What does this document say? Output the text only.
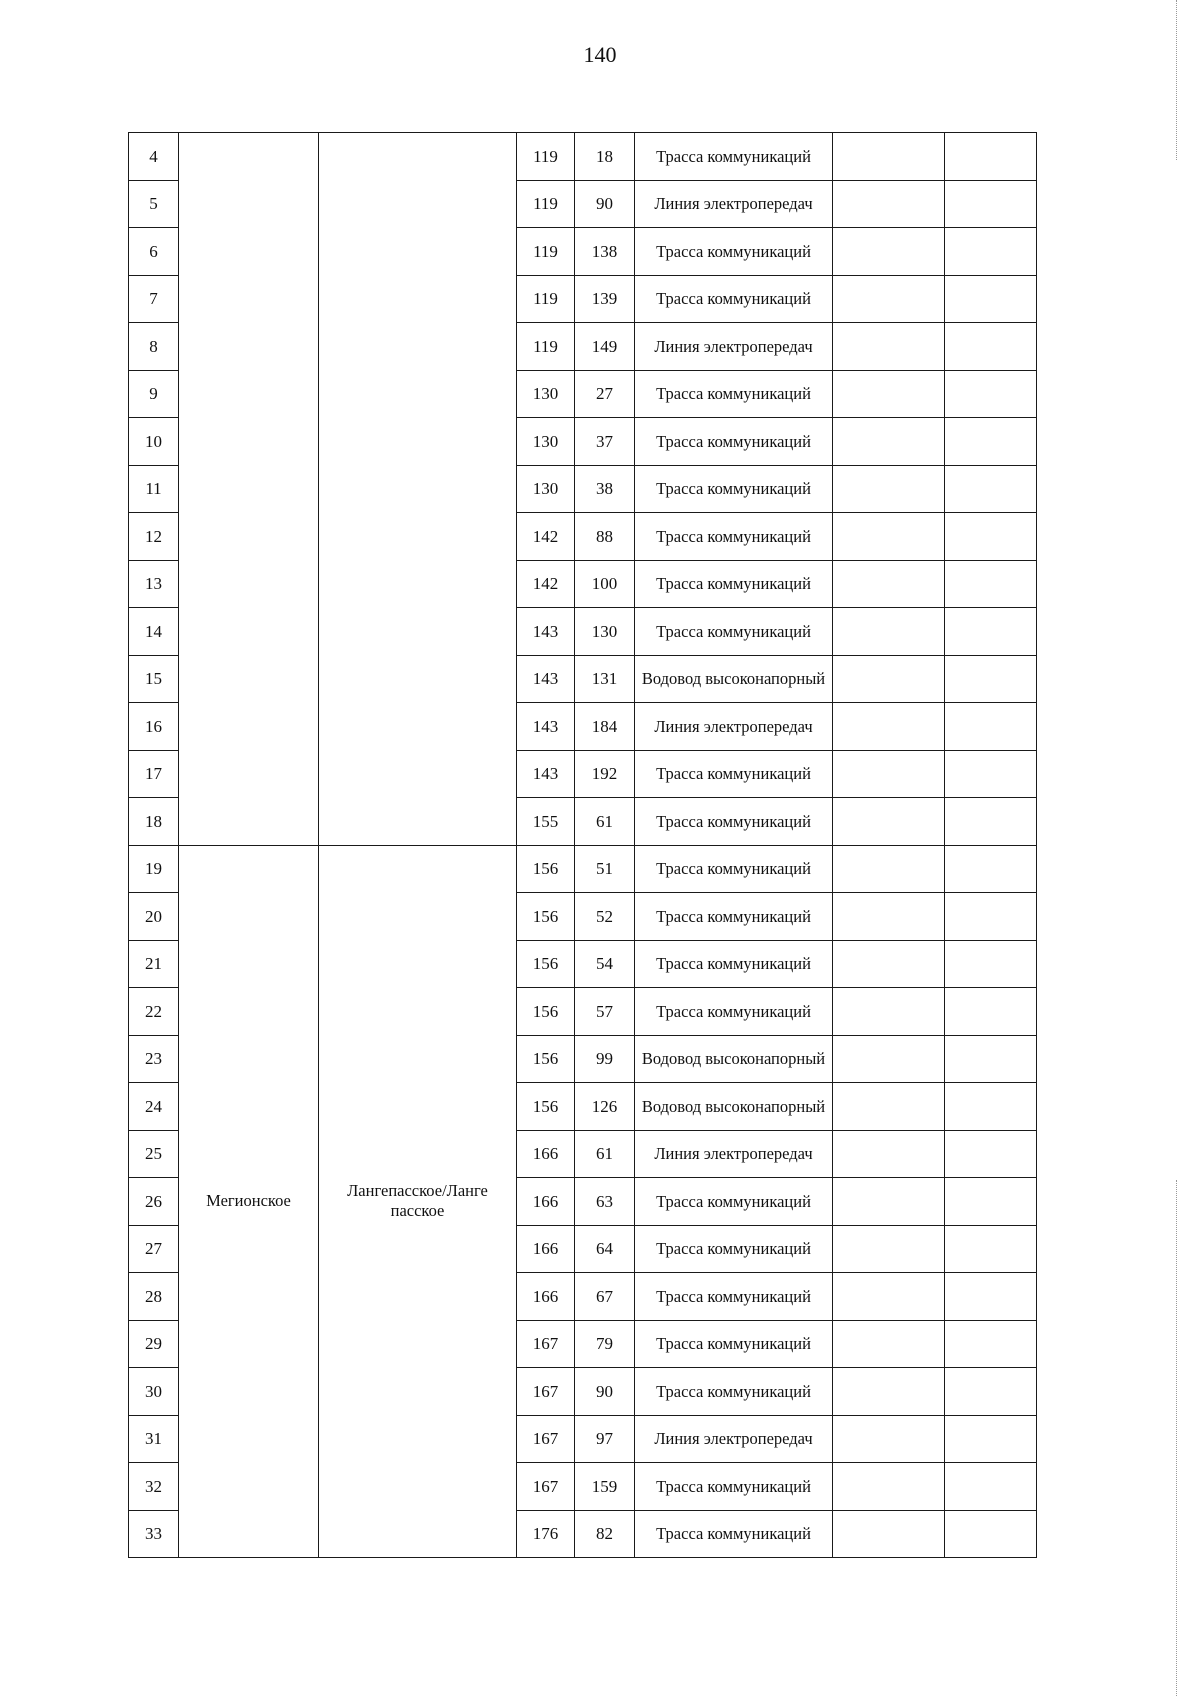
140
4			119	18	Трасса коммуникаций		
5			119	90	Линия электропередач		
6			119	138	Трасса коммуникаций		
7			119	139	Трасса коммуникаций		
8			119	149	Линия электропередач		
9			130	27	Трасса коммуникаций		
10			130	37	Трасса коммуникаций		
11			130	38	Трасса коммуникаций		
12			142	88	Трасса коммуникаций		
13			142	100	Трасса коммуникаций		
14			143	130	Трасса коммуникаций		
15			143	131	Водовод высоконапорный		
16			143	184	Линия электропередач		
17			143	192	Трасса коммуникаций		
18			155	61	Трасса коммуникаций		
19	Мегионское	Лангепасское/Ланге пасское	156	51	Трасса коммуникаций		
20			156	52	Трасса коммуникаций		
21			156	54	Трасса коммуникаций		
22			156	57	Трасса коммуникаций		
23			156	99	Водовод высоконапорный		
24			156	126	Водовод высоконапорный		
25			166	61	Линия электропередач		
26			166	63	Трасса коммуникаций		
27			166	64	Трасса коммуникаций		
28			166	67	Трасса коммуникаций		
29			167	79	Трасса коммуникаций		
30			167	90	Трасса коммуникаций		
31			167	97	Линия электропередач		
32			167	159	Трасса коммуникаций		
33			176	82	Трасса коммуникаций		
